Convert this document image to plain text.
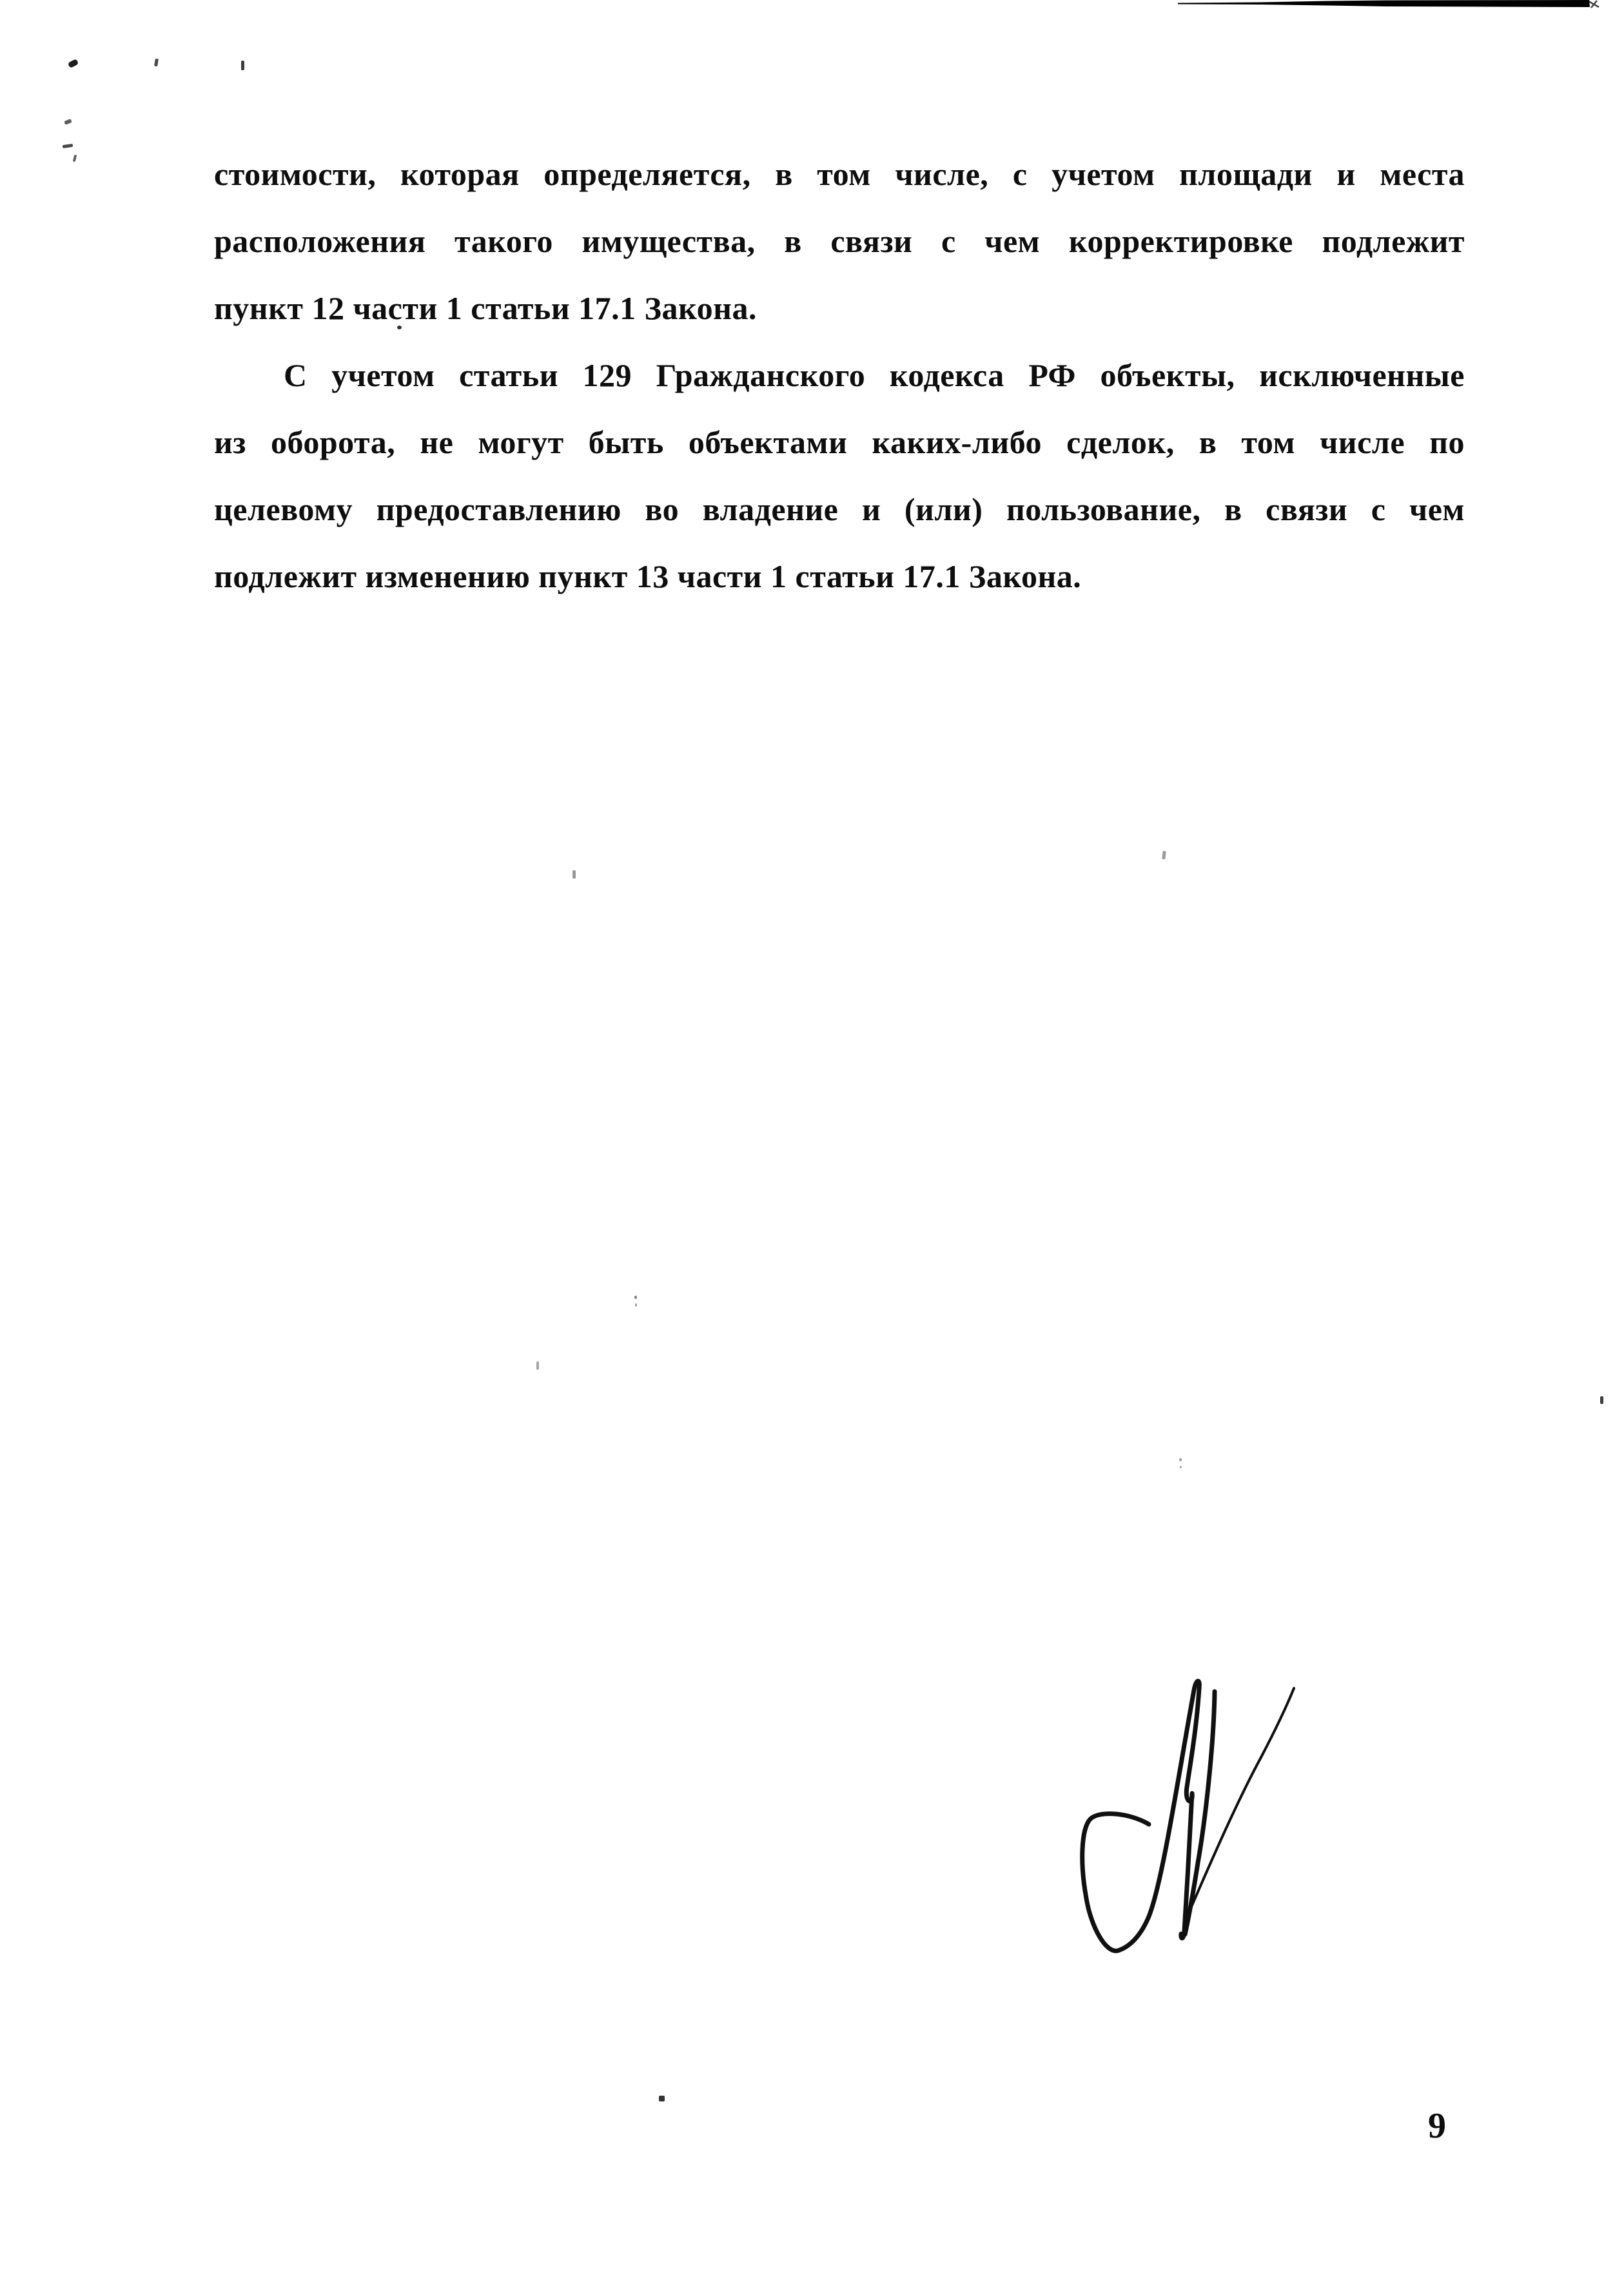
стоимости, которая определяется, в том числе, с учетом площади и места
расположения такого имущества, в связи с чем корректировке подлежит
пункт 12 части 1 статьи 17.1 Закона.
С учетом статьи 129 Гражданского кодекса РФ объекты, исключенные
из оборота, не могут быть объектами каких-либо сделок, в том числе по
целевому предоставлению во владение и (или) пользование, в связи с чем
подлежит изменению пункт 13 части 1 статьи 17.1 Закона.
9
